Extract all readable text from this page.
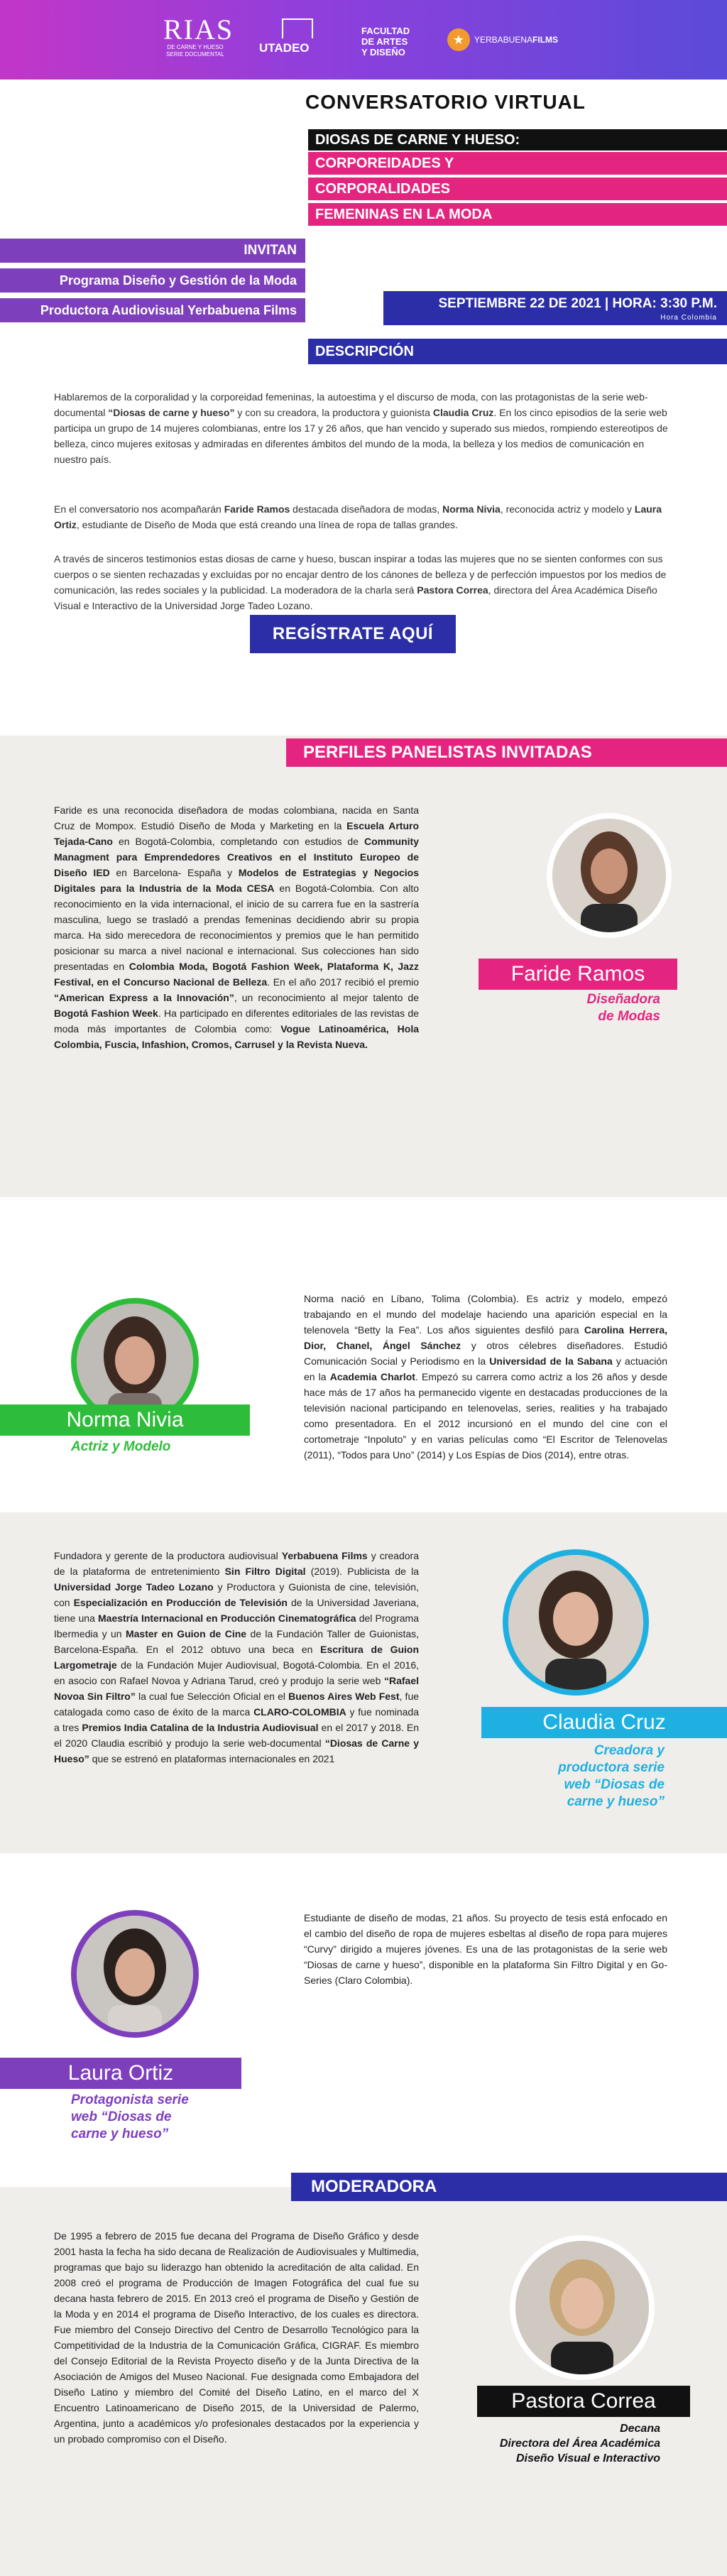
RIAS
DE CARNE Y HUESO
SERIE DOCUMENTAL	UTADEO
FACULTAD
DE ARTES
Y DISEÑO
★	YERBABUENAFILMS
CONVERSATORIO VIRTUAL
DIOSAS DE CARNE Y HUESO:
CORPOREIDADES Y
CORPORALIDADES
FEMENINAS EN LA MODA
INVITAN
Programa Diseño y Gestión de la Moda
Productora Audiovisual Yerbabuena Films	SEPTIEMBRE 22 DE 2021 | HORA: 3:30 P.M.
Hora Colombia
DESCRIPCIÓN
Hablaremos de la corporalidad y la corporeidad femeninas, la autoestima y el discurso de moda, con las protagonistas de la serie web-documental “Diosas de carne y hueso” y con su creadora, la productora y guionista Claudia Cruz. En los cinco episodios de la serie web participa un grupo de 14 mujeres colombianas, entre los 17 y 26 años, que han vencido y superado sus miedos, rompiendo estereotipos de belleza, cinco mujeres exitosas y admiradas en diferentes ámbitos del mundo de la moda, la belleza y los medios de comunicación en nuestro país.
En el conversatorio nos acompañarán Faride Ramos destacada diseñadora de modas, Norma Nivia, reconocida actriz y modelo y Laura Ortiz, estudiante de Diseño de Moda que está creando una línea de ropa de tallas grandes.
A través de sinceros testimonios estas diosas de carne y hueso, buscan inspirar a todas las mujeres que no se sienten conformes con sus cuerpos o se sienten rechazadas y excluidas por no encajar dentro de los cánones de belleza y de perfección impuestos por los medios de comunicación, las redes sociales y la publicidad. La moderadora de la charla será Pastora Correa, directora del Área Académica Diseño Visual e Interactivo de la Universidad Jorge Tadeo Lozano.
REGÍSTRATE AQUÍ
PERFILES PANELISTAS INVITADAS
Faride es una reconocida diseñadora de modas colombiana, nacida en Santa Cruz de Mompox. Estudió Diseño de Moda y Marketing en la Escuela Arturo Tejada-Cano en Bogotá-Colombia, completando con estudios de Community Managment para Emprendedores Creativos en el Instituto Europeo de Diseño IED en Barcelona- España y Modelos de Estrategias y Negocios Digitales para la Industria de la Moda CESA en Bogotá-Colombia. Con alto reconocimiento en la vida internacional, el inicio de su carrera fue en la sastrería masculina, luego se trasladó a prendas femeninas decidiendo abrir su propia marca. Ha sido merecedora de reconocimientos y premios que le han permitido posicionar su marca a nivel nacional e internacional. Sus colecciones han sido presentadas en Colombia Moda, Bogotá Fashion Week, Plataforma K, Jazz Festival, en el Concurso Nacional de Belleza. En el año 2017 recibió el premio “American Express a la Innovación”, un reconocimiento al mejor talento de Bogotá Fashion Week. Ha participado en diferentes editoriales de las revistas de moda más importantes de Colombia como: Vogue Latinoamérica, Hola Colombia, Fuscia, Infashion, Cromos, Carrusel y la Revista Nueva.
Faride Ramos
Diseñadora
de Modas
Norma Nivia
Actriz y Modelo
Norma nació en Líbano, Tolima (Colombia). Es actriz y modelo, empezó trabajando en el mundo del modelaje haciendo una aparición especial en la telenovela “Betty la Fea”. Los años siguientes desfiló para Carolina Herrera, Dior, Chanel, Ángel Sánchez y otros célebres diseñadores. Estudió Comunicación Social y Periodismo en la Universidad de la Sabana y actuación en la Academia Charlot. Empezó su carrera como actriz a los 26 años y desde hace más de 17 años ha permanecido vigente en destacadas producciones de la televisión nacional participando en telenovelas, series, realities y ha trabajado como presentadora. En el 2012 incursionó en el mundo del cine con el cortometraje “Inpoluto” y en varias películas como “El Escritor de Telenovelas (2011), “Todos para Uno” (2014) y Los Espías de Dios (2014), entre otras.
Fundadora y gerente de la productora audiovisual Yerbabuena Films y creadora de la plataforma de entretenimiento Sin Filtro Digital (2019). Publicista de la Universidad Jorge Tadeo Lozano y Productora y Guionista de cine, televisión, con Especialización en Producción de Televisión de la Universidad Javeriana, tiene una Maestría Internacional en Producción Cinematográfica del Programa Ibermedia y un Master en Guion de Cine de la Fundación Taller de Guionistas, Barcelona-España. En el 2012 obtuvo una beca en Escritura de Guion Largometraje de la Fundación Mujer Audiovisual, Bogotá-Colombia. En el 2016, en asocio con Rafael Novoa y Adriana Tarud, creó y produjo la serie web “Rafael Novoa Sin Filtro” la cual fue Selección Oficial en el Buenos Aires Web Fest, fue catalogada como caso de éxito de la marca CLARO-COLOMBIA y fue nominada a tres Premios India Catalina de la Industria Audiovisual en el 2017 y 2018. En el 2020 Claudia escribió y produjo la serie web-documental “Diosas de Carne y Hueso” que se estrenó en plataformas internacionales en 2021
Claudia Cruz
Creadora y
productora serie
web “Diosas de
carne y hueso”
Laura Ortiz
Protagonista serie
web “Diosas de
carne y hueso”
Estudiante de diseño de modas, 21 años. Su proyecto de tesis está enfocado en el cambio del diseño de ropa de mujeres esbeltas al diseño de ropa para mujeres “Curvy” dirigido a mujeres jóvenes. Es una de las protagonistas de la serie web “Diosas de carne y hueso”, disponible en la plataforma Sin Filtro Digital y en Go-Series (Claro Colombia).
MODERADORA
De 1995 a febrero de 2015 fue decana del Programa de Diseño Gráfico y desde 2001 hasta la fecha ha sido decana de Realización de Audiovisuales y Multimedia, programas que bajo su liderazgo han obtenido la acreditación de alta calidad. En 2008 creó el programa de Producción de Imagen Fotográfica del cual fue su decana hasta febrero de 2015. En 2013 creó el programa de Diseño y Gestión de la Moda y en 2014 el programa de Diseño Interactivo, de los cuales es directora. Fue miembro del Consejo Directivo del Centro de Desarrollo Tecnológico para la Competitividad de la Industria de la Comunicación Gráfica, CIGRAF. Es miembro del Consejo Editorial de la Revista Proyecto diseño y de la Junta Directiva de la Asociación de Amigos del Museo Nacional. Fue designada como Embajadora del Diseño Latino y miembro del Comité del Diseño Latino, en el marco del X Encuentro Latinoamericano de Diseño 2015, de la Universidad de Palermo, Argentina, junto a académicos y/o profesionales destacados por la experiencia y un probado compromiso con el Diseño.
Pastora Correa
Decana
Directora del Área Académica
Diseño Visual e Interactivo
